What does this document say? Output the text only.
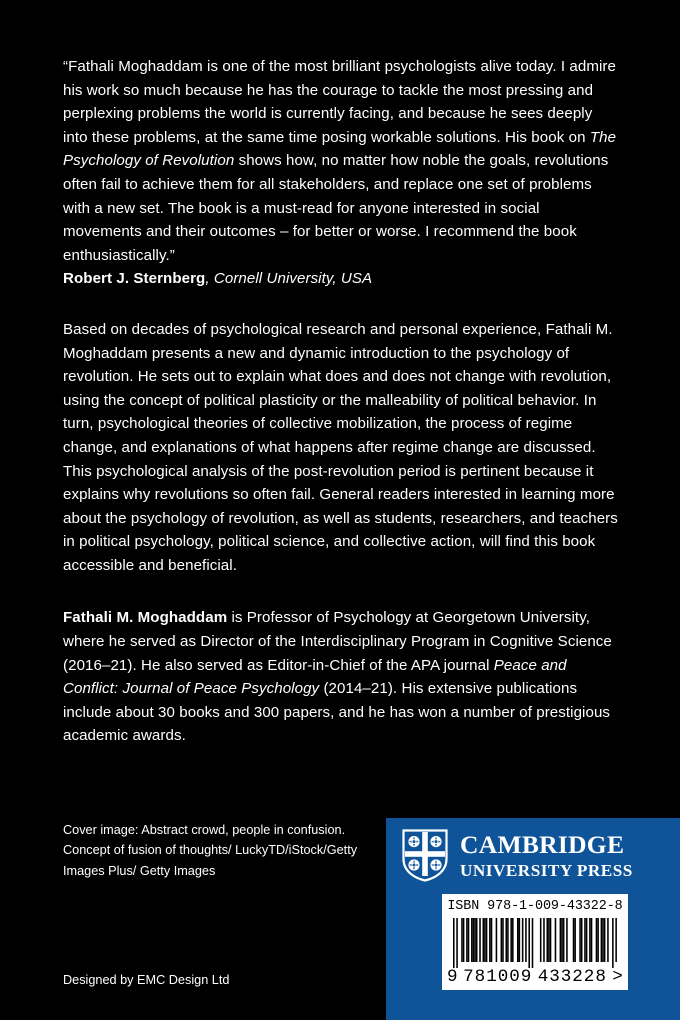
“Fathali Moghaddam is one of the most brilliant psychologists alive today. I admire his work so much because he has the courage to tackle the most pressing and perplexing problems the world is currently facing, and because he sees deeply into these problems, at the same time posing workable solutions. His book on The Psychology of Revolution shows how, no matter how noble the goals, revolutions often fail to achieve them for all stakeholders, and replace one set of problems with a new set. The book is a must-read for anyone interested in social movements and their outcomes – for better or worse. I recommend the book enthusiastically.”
Robert J. Sternberg, Cornell University, USA

Based on decades of psychological research and personal experience, Fathali M. Moghaddam presents a new and dynamic introduction to the psychology of revolution. He sets out to explain what does and does not change with revolution, using the concept of political plasticity or the malleability of political behavior. In turn, psychological theories of collective mobilization, the process of regime change, and explanations of what happens after regime change are discussed. This psychological analysis of the post-revolution period is pertinent because it explains why revolutions so often fail. General readers interested in learning more about the psychology of revolution, as well as students, researchers, and teachers in political psychology, political science, and collective action, will find this book accessible and beneficial.

Fathali M. Moghaddam is Professor of Psychology at Georgetown University, where he served as Director of the Interdisciplinary Program in Cognitive Science (2016–21). He also served as Editor-in-Chief of the APA journal Peace and Conflict: Journal of Peace Psychology (2014–21). His extensive publications include about 30 books and 300 papers, and he has won a number of prestigious academic awards.

Cover image: Abstract crowd, people in confusion. Concept of fusion of thoughts/ LuckyTD/iStock/Getty Images Plus/ Getty Images
Designed by EMC Design Ltd
CAMBRIDGE
UNIVERSITY PRESS
ISBN 978-1-009-43322-8
9 781009 433228 >
